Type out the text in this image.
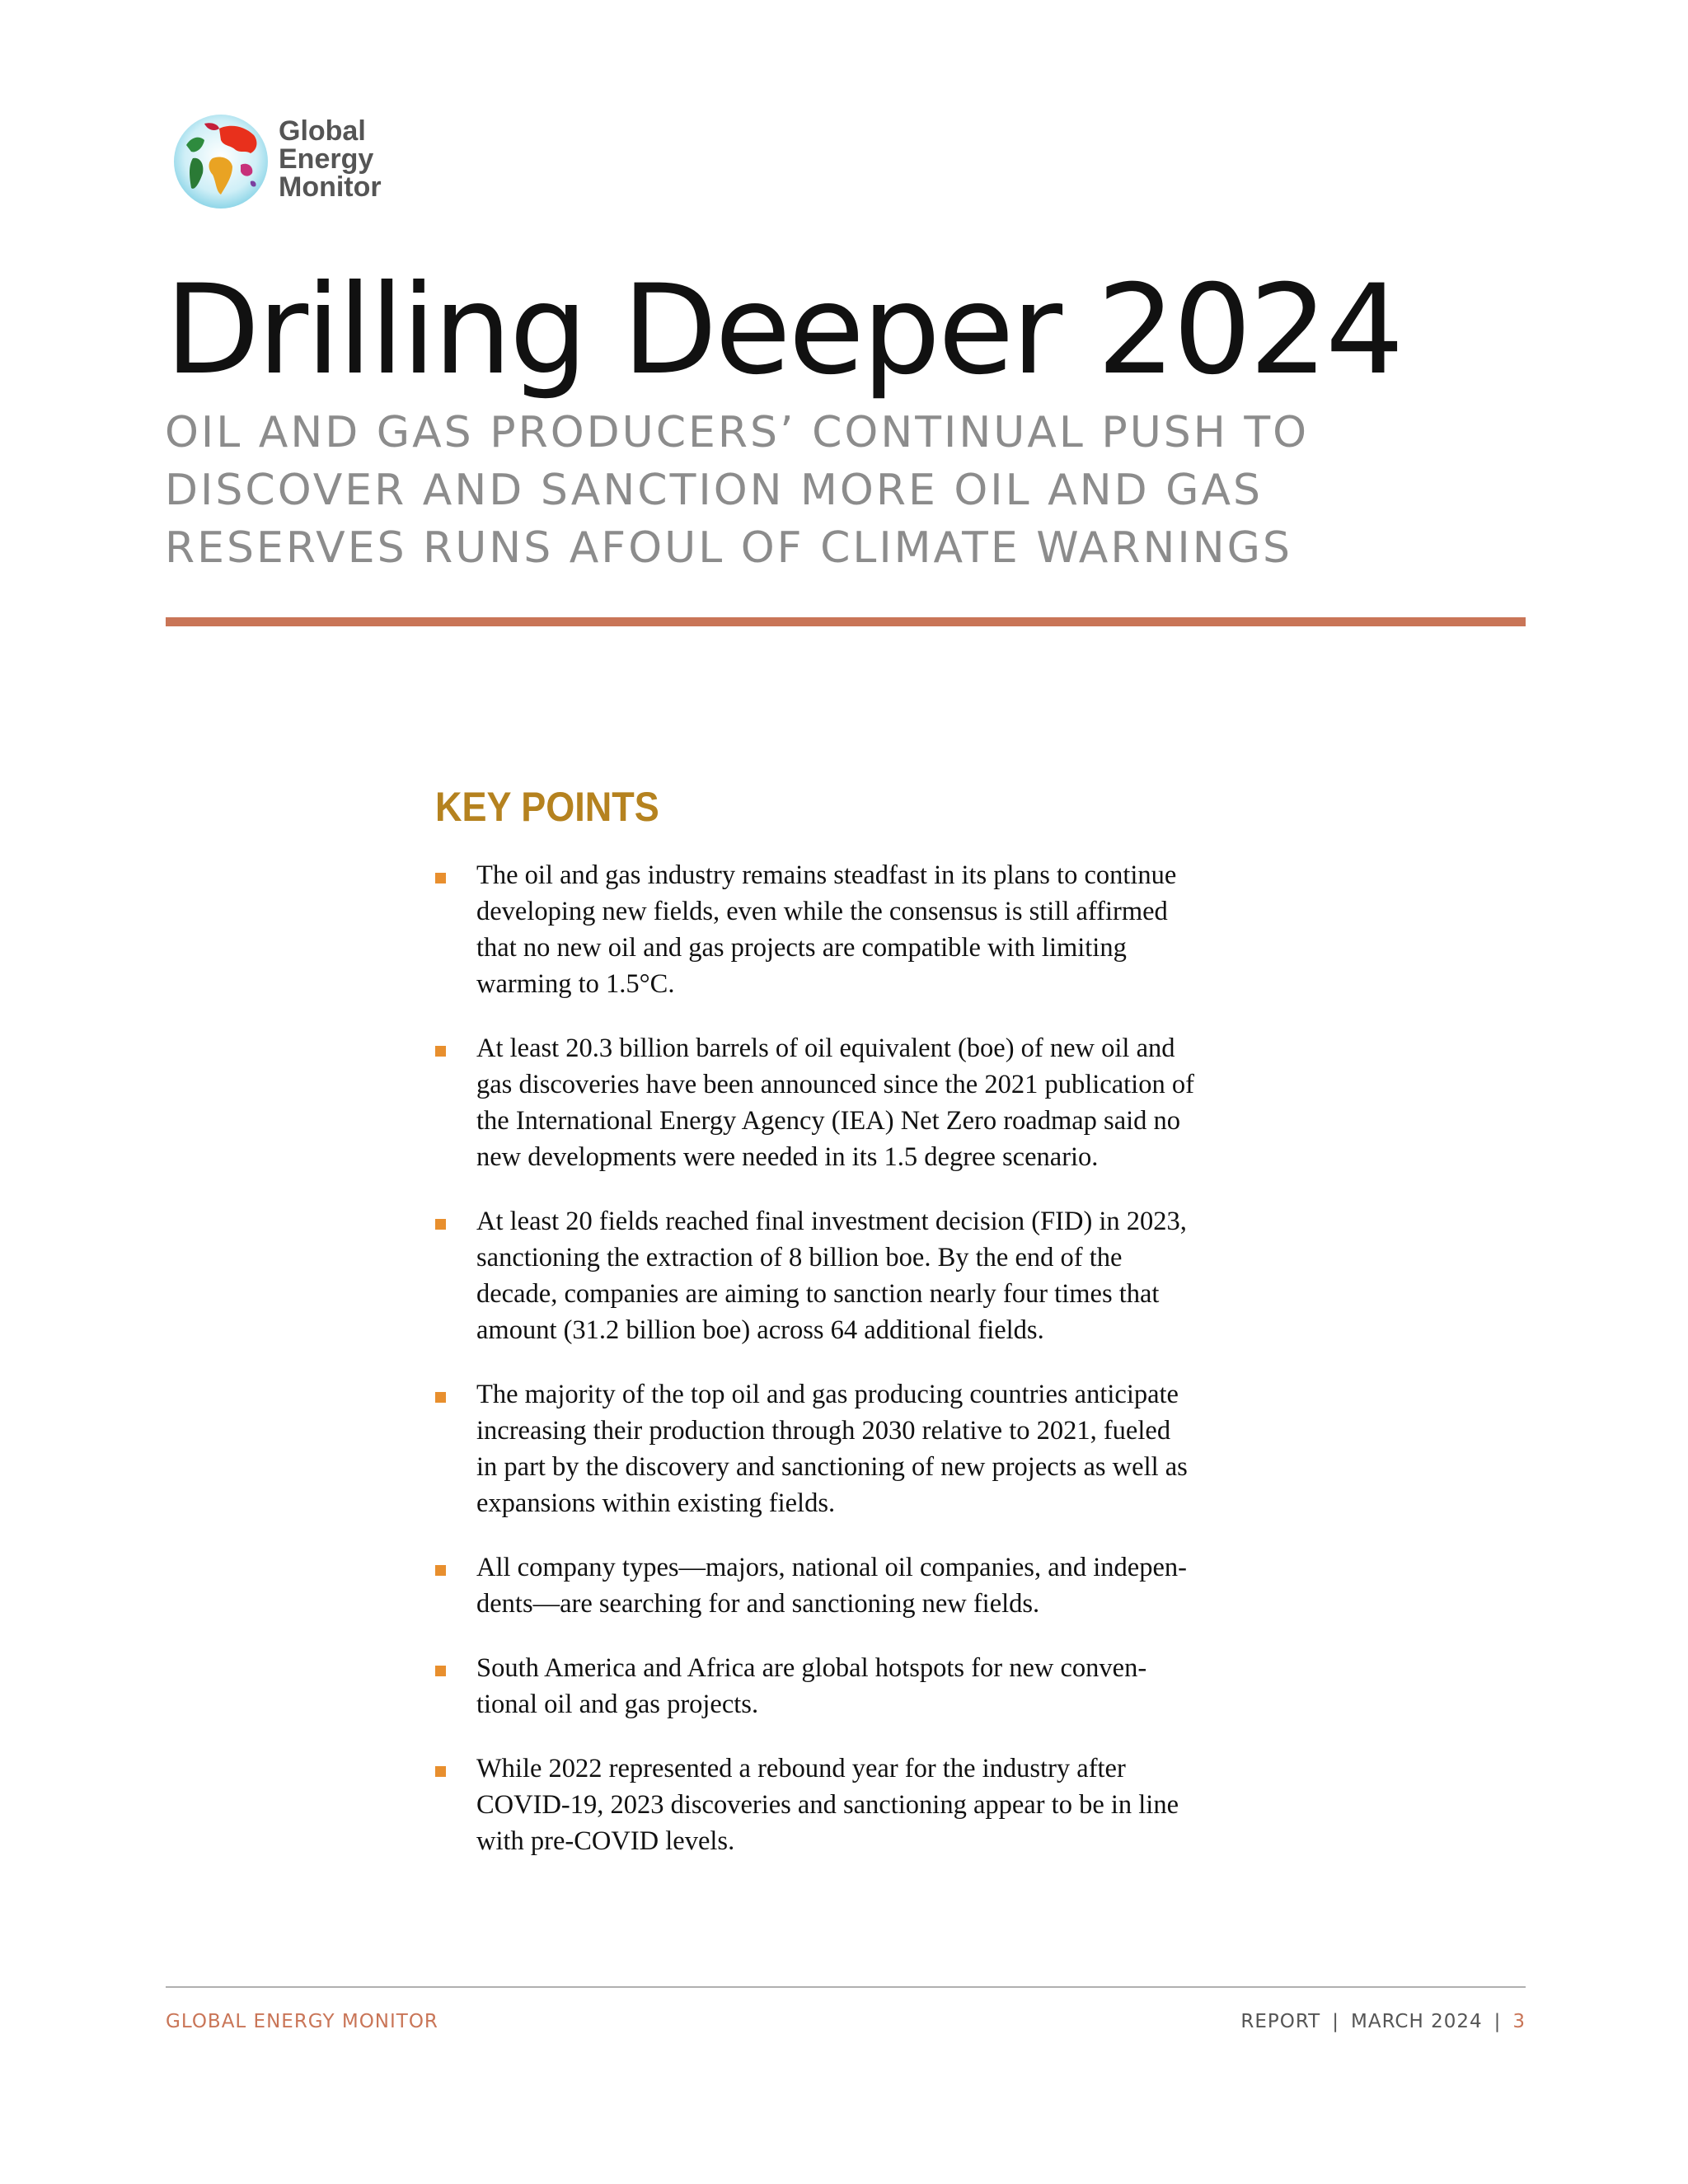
Global
Energy
Monitor
Drilling Deeper 2024
OIL AND GAS PRODUCERS’ CONTINUAL PUSH TO
DISCOVER AND SANCTION MORE OIL AND GAS
RESERVES RUNS AFOUL OF CLIMATE WARNINGS
KEY POINTS
The oil and gas industry remains steadfast in its plans to continue
developing new fields, even while the consensus is still affirmed
that no new oil and gas projects are compatible with limiting
warming to 1.5°C.
At least 20.3 billion barrels of oil equivalent (boe) of new oil and
gas discoveries have been announced since the 2021 publication of
the International Energy Agency (IEA) Net Zero roadmap said no
new developments were needed in its 1.5 degree scenario.
At least 20 fields reached final investment decision (FID) in 2023,
sanctioning the extraction of 8 billion boe. By the end of the
decade, companies are aiming to sanction nearly four times that
amount (31.2 billion boe) across 64 additional fields.
The majority of the top oil and gas producing countries anticipate
increasing their production through 2030 relative to 2021, fueled
in part by the discovery and sanctioning of new projects as well as
expansions within existing fields.
All company types—majors, national oil companies, and indepen-
dents—are searching for and sanctioning new fields.
South America and Africa are global hotspots for new conven-
tional oil and gas projects.
While 2022 represented a rebound year for the industry after
COVID-19, 2023 discoveries and sanctioning appear to be in line
with pre-COVID levels.
GLOBAL ENERGY MONITOR	REPORT | MARCH 2024 | 3
